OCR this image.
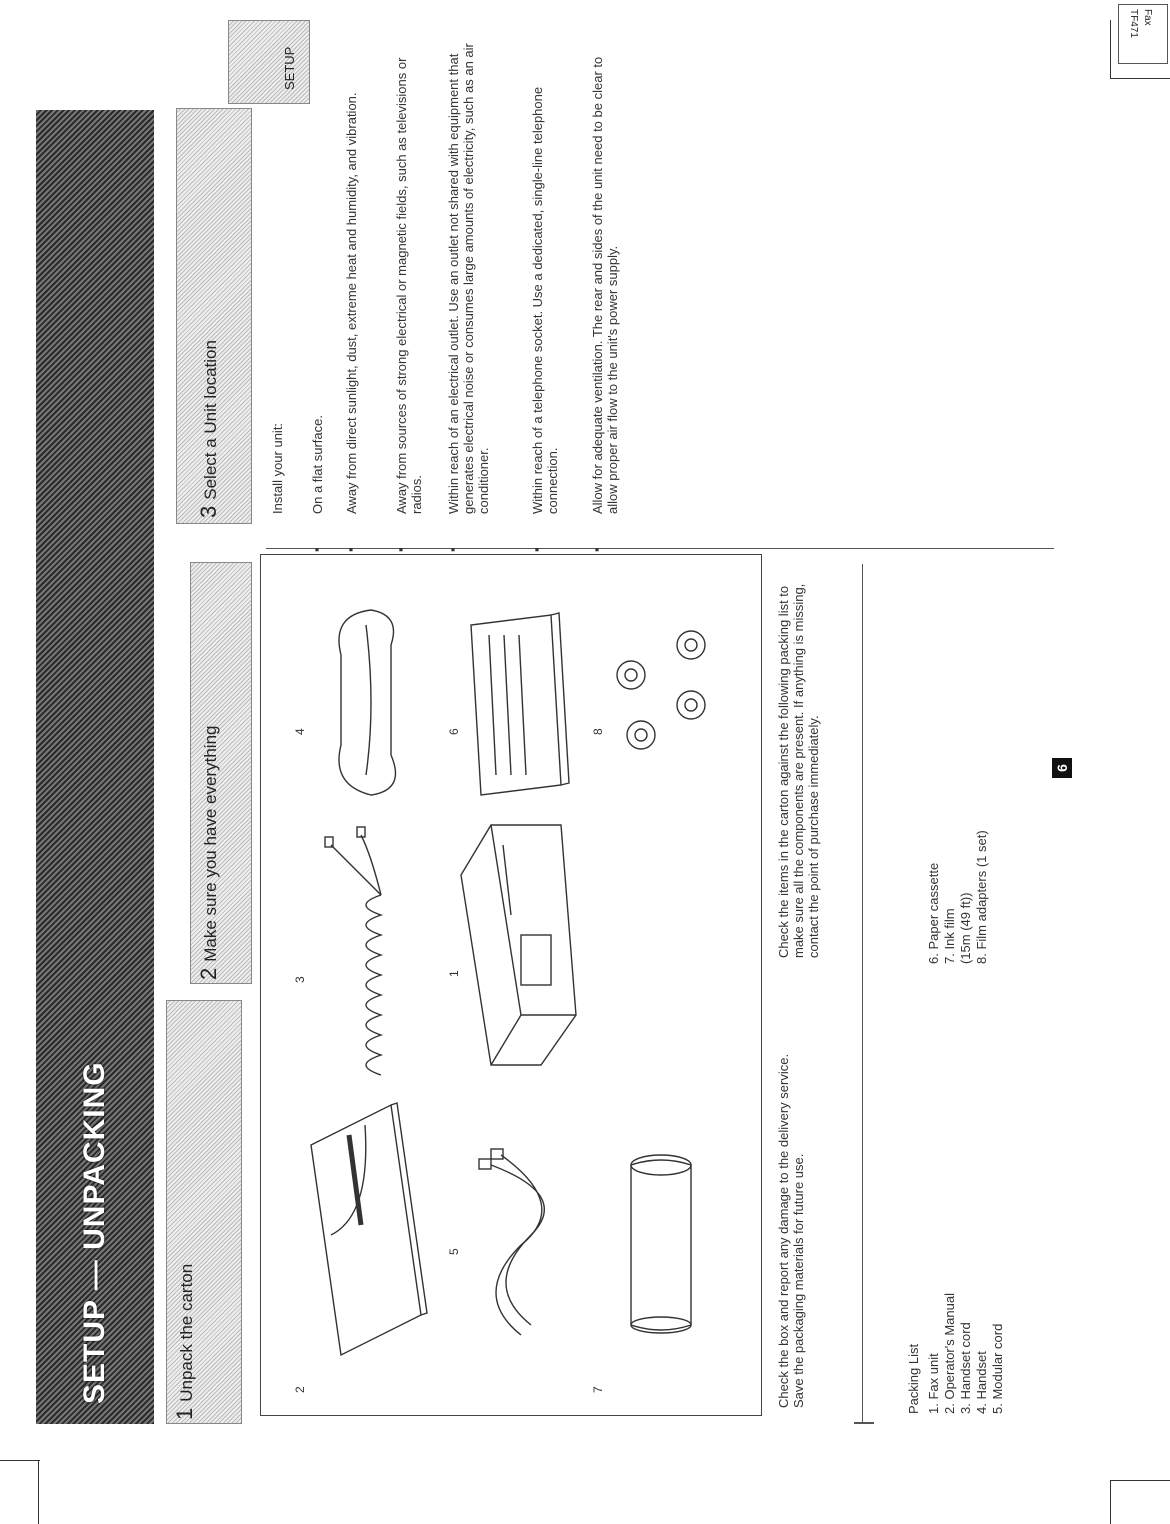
Fax
TF471
SETUP — UNPACKING
1Unpack the carton
2Make sure you have everything
3Select a Unit location
SETUP
2
3
4
5
1
6
7
8

Check the box and report any damage to the delivery service. Save the packaging materials for future use.

Check the items in the carton against the following packing list to make sure all the components are present. If anything is missing, contact the point of purchase immediately.
Packing List 1. Fax unit 2. Operator's Manual 3. Handset cord 4. Handset 5. Modular cord
6. Paper cassette 7. Ink film (15m (49 ft)) 8. Film adapters (1 set)
6
Install your unit:
▪
On a flat surface.
▪
Away from direct sunlight, dust, extreme heat and humidity, and vibration.
▪
Away from sources of strong electrical or magnetic fields, such as televisions or radios.
▪
Within reach of an electrical outlet. Use an outlet not shared with equipment that generates electrical noise or consumes large amounts of electricity, such as an air conditioner.
▪
Within reach of a telephone socket. Use a dedicated, single-line telephone connection.
▪
Allow for adequate ventilation. The rear and sides of the unit need to be clear to allow proper air flow to the unit's power supply.
